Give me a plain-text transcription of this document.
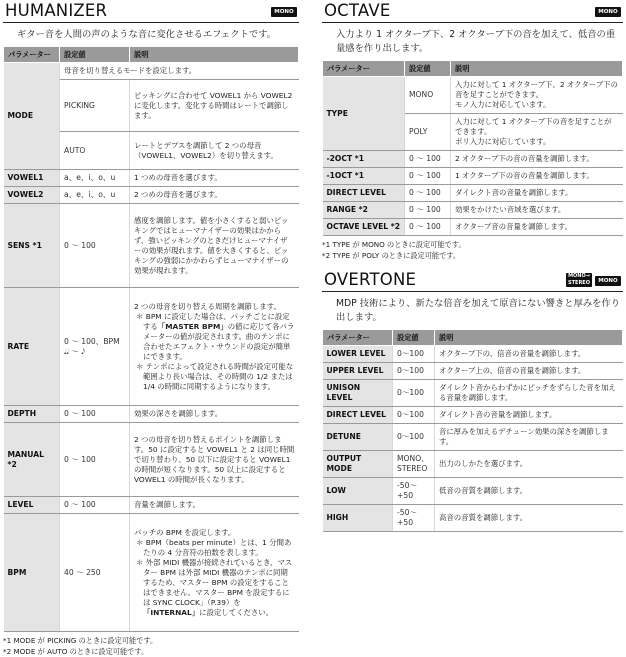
HUMANIZER	MONO

ギター音を人間の声のような音に変化させるエフェクトです。

パラメーター	設定値	説明
MODE	母音を切り替えるモードを設定します。	
	PICKING	ピッキングに合わせて VOWEL1 から VOWEL2 に変化します。変化する時間はレートで調節します。
	AUTO	レートとデプスを調節して 2 つの母音（VOWEL1、VOWEL2）を切り替えます。
VOWEL1	a、e、i、o、u	1 つめの母音を選びます。
VOWEL2	a、e、i、o、u	2 つめの母音を選びます。
SENS *1	0 ～ 100	感度を調節します。値を小さくすると弱いピッキングではヒューマナイザーの効果はかからず、強いピッキングのときだけヒューマナイザーの効果が現れます。値を大きくすると、ピッキングの強弱にかかわらずヒューマナイザーの効果が現れます。
RATE	0 ～ 100、BPM 𝅘𝅥𝅘𝅥 ～ 𝅘𝅥𝅮	2 つの母音を切り替える周期を調節します。
＊ BPM に設定した場合は、パッチごとに設定する「MASTER BPM」の値に応じて各パラメーターの値が設定されます。曲のテンポに合わせたエフェクト・サウンドの設定が簡単にできます。
＊ テンポによって設定される時間が設定可能な範囲より長い場合は、その時間の 1/2 または 1/4 の時間に同期するようになります。

DEPTH	0 ～ 100	効果の深さを調節します。
MANUAL *2	0 ～ 100	2 つの母音を切り替えるポイントを調節します。50 に設定すると VOWEL1 と 2 は同じ時間で切り替わり、50 以下に設定すると VOWEL1 の時間が短くなります。50 以上に設定すると VOWEL1 の時間が長くなります。
LEVEL	0 ～ 100	音量を調節します。
BPM	40 ～ 250	パッチの BPM を設定します。
＊ BPM（beats per minute）とは、1 分間あたりの 4 分音符の拍数を表します。
＊ 外部 MIDI 機器が接続されているとき、マスター BPM は外部 MIDI 機器のテンポに同期するため、マスター BPM の設定をすることはできません。マスター BPM を設定するには SYNC CLOCK」（P.39）を「INTERNAL」に設定してください。
*1 MODE が PICKING のときに設定可能です。
*2 MODE が AUTO のときに設定可能です。
OCTAVE	MONO

入力より 1 オクターブ下、2 オクターブ下の音を加えて、低音の重量感を作り出します。

パラメーター	設定値	説明
TYPE	MONO	入力に対して 1 オクターブ下、2 オクターブ下の音を足すことができます。
モノ入力に対応しています。
	POLY	入力に対して 1 オクターブ下の音を足すことができます。
ポリ入力に対応しています。
-2OCT *1	0 ～ 100	2 オクターブ下の音の音量を調節します。
-1OCT *1	0 ～ 100	1 オクターブ下の音の音量を調節します。
DIRECT LEVEL	0 ～ 100	ダイレクト音の音量を調節します。
RANGE *2	0 ～ 100	効果をかけたい音域を選びます。
OCTAVE LEVEL *2	0 ～ 100	オクターブ音の音量を調節します。
*1 TYPE が MONO のときに設定可能です。
*2 TYPE が POLY のときに設定可能です。
OVERTONE	MONO→
STEREO	MONO

MDP 技術により、新たな倍音を加えて原音にない響きと厚みを作り出します。

パラメーター	設定値	説明
LOWER LEVEL	0～100	オクターブ下の、倍音の音量を調節します。
UPPER LEVEL	0～100	オクターブ上の、倍音の音量を調節します。
UNISON LEVEL	0～100	ダイレクト音からわずかにピッチをずらした音を加える音量を調節します。
DIRECT LEVEL	0～100	ダイレクト音の音量を調節します。
DETUNE	0～100	音に厚みを加えるデチューン効果の深さを調節します。
OUTPUT MODE	MONO、STEREO	出力のしかたを選びます。
LOW	-50～+50	低音の音質を調節します。
HIGH	-50～+50	高音の音質を調節します。
